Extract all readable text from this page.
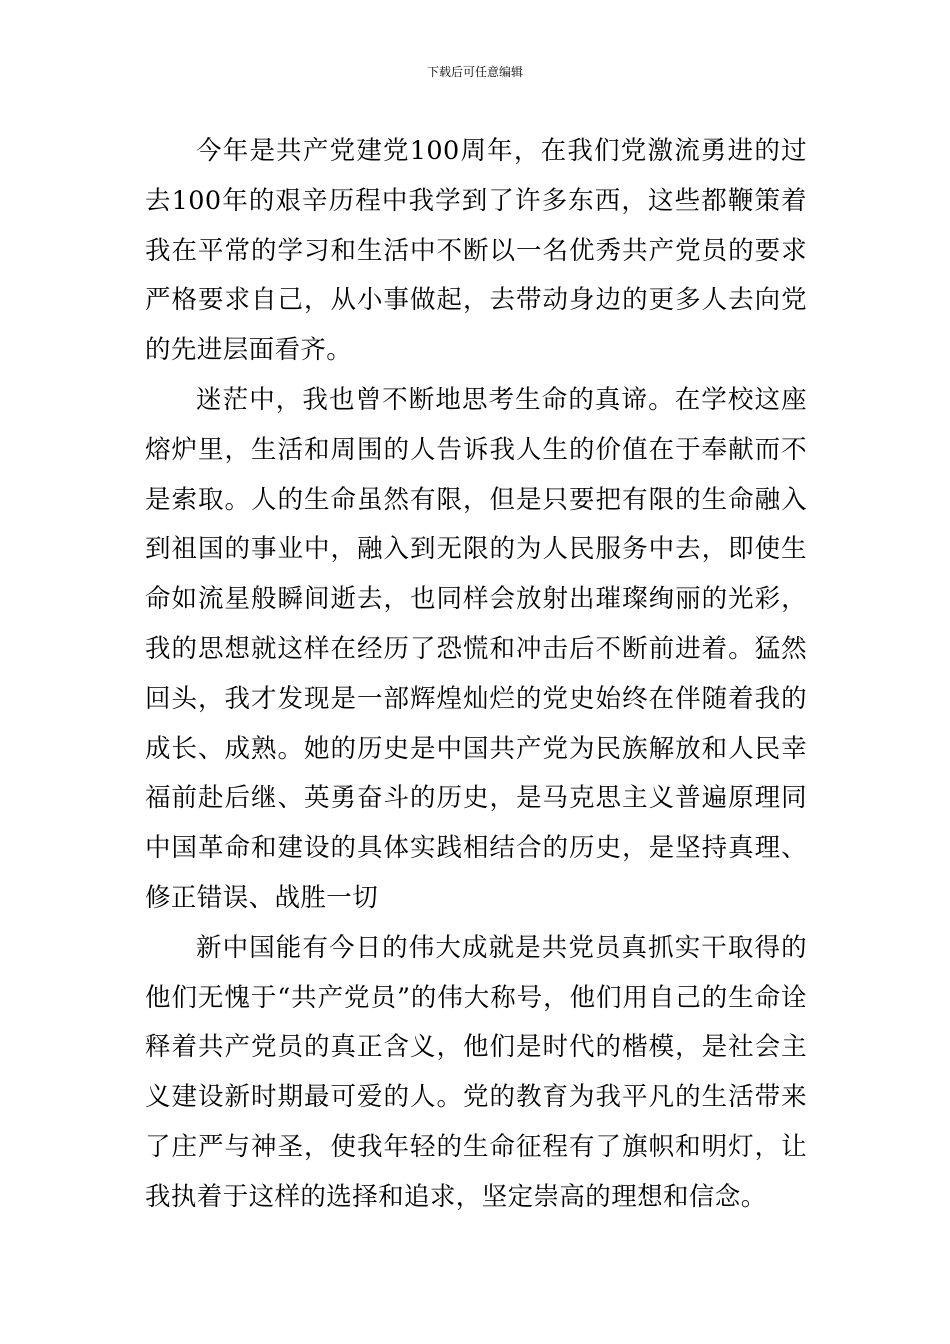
下载后可任意编辑

今年是共产党建党100周年，在我们党激流勇进的过去100年的艰辛历程中我学到了许多东西，这些都鞭策着我在平常的学习和生活中不断以一名优秀共产党员的要求严格要求自己，从小事做起，去带动身边的更多人去向党的先进层面看齐。

迷茫中，我也曾不断地思考生命的真谛。在学校这座熔炉里，生活和周围的人告诉我人生的价值在于奉献而不是索取。人的生命虽然有限，但是只要把有限的生命融入到祖国的事业中，融入到无限的为人民服务中去，即使生命如流星般瞬间逝去，也同样会放射出璀璨绚丽的光彩，我的思想就这样在经历了恐慌和冲击后不断前进着。猛然回头，我才发现是一部辉煌灿烂的党史始终在伴随着我的成长、成熟。她的历史是中国共产党为民族解放和人民幸福前赴后继、英勇奋斗的历史，是马克思主义普遍原理同中国革命和建设的具体实践相结合的历史，是坚持真理、修正错误、战胜一切

新中国能有今日的伟大成就是共党员真抓实干取得的他们无愧于“共产党员”的伟大称号，他们用自己的生命诠释着共产党员的真正含义，他们是时代的楷模，是社会主义建设新时期最可爱的人。党的教育为我平凡的生活带来了庄严与神圣，使我年轻的生命征程有了旗帜和明灯，让我执着于这样的选择和追求，坚定崇高的理想和信念。
